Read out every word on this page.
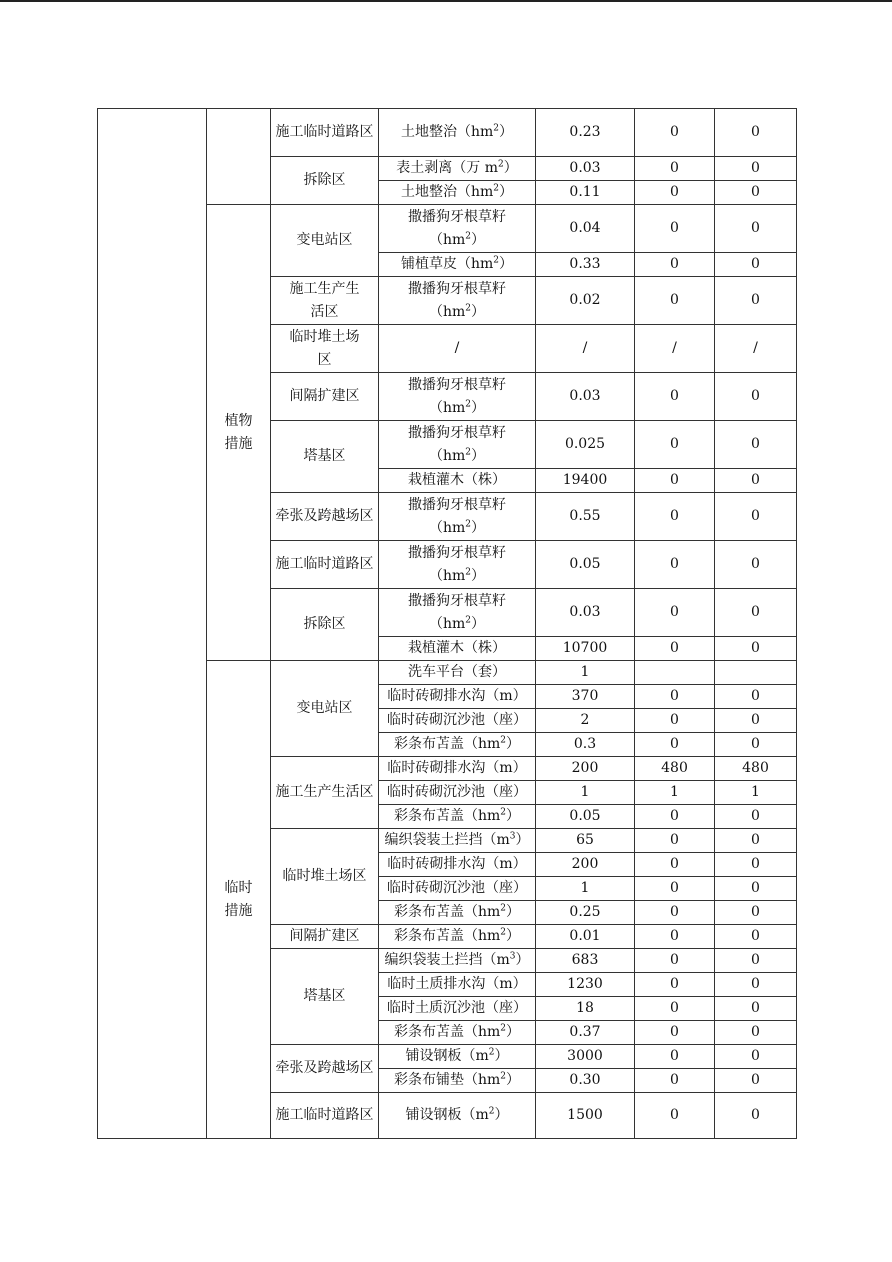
		施工临时道路区	土地整治$(hm^2)$	0.23	0	0
		拆除区	表土剥离（万 $m^2$）	0.03	0	0
			土地整治$(hm^2)$	0.11	0	0
	植物措施	变电站区	撒播狗牙根草籽$(hm^2)$	0.04	0	0
			铺植草皮$(hm^2)$	0.33	0	0
		施工生产生活区	撒播狗牙根草籽$(hm^2)$	0.02	0	0
		临时堆土场区	/	/	/	/
		间隔扩建区	撒播狗牙根草籽$(hm^2)$	0.03	0	0
		塔基区	撒播狗牙根草籽$(hm^2)$	0.025	0	0
			栽植灌木（株）	19400	0	0
		牵张及跨越场区	撒播狗牙根草籽$(hm^2)$	0.55	0	0
		施工临时道路区	撒播狗牙根草籽$(hm^2)$	0.05	0	0
		拆除区	撒播狗牙根草籽$(hm^2)$	0.03	0	0
			栽植灌木（株）	10700	0	0
	临时措施	变电站区	洗车平台（套）	1		
			临时砖砌排水沟（m）	370	0	0
			临时砖砌沉沙池（座）	2	0	0
			彩条布苫盖$(hm^2)$	0.3	0	0
		施工生产生活区	临时砖砌排水沟（m）	200	480	480
			临时砖砌沉沙池（座）	1	1	1
			彩条布苫盖$(hm^2)$	0.05	0	0
		临时堆土场区	编织袋装土拦挡$(m^3)$	65	0	0
			临时砖砌排水沟（m）	200	0	0
			临时砖砌沉沙池（座）	1	0	0
			彩条布苫盖$(hm^2)$	0.25	0	0
		间隔扩建区	彩条布苫盖$(hm^2)$	0.01	0	0
		塔基区	编织袋装土拦挡$(m^3)$	683	0	0
			临时土质排水沟（m）	1230	0	0
			临时土质沉沙池（座）	18	0	0
			彩条布苫盖$(hm^2)$	0.37	0	0
		牵张及跨越场区	铺设钢板$(m^2)$	3000	0	0
			彩条布铺垫$(hm^2)$	0.30	0	0
		施工临时道路区	铺设钢板$(m^2)$	1500	0	0
